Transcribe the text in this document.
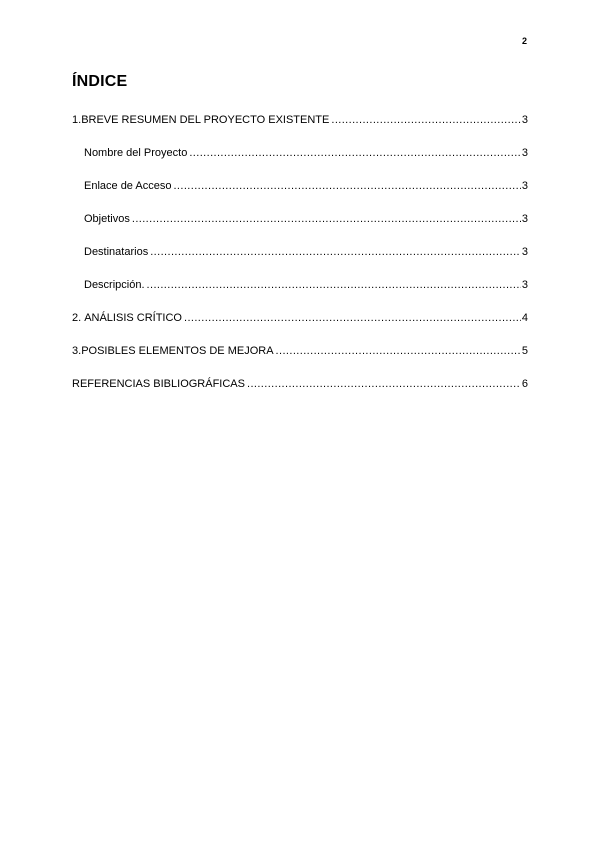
2
ÍNDICE
1. BREVE RESUMEN DEL PROYECTO EXISTENTE .....	3
Nombre del Proyecto .....	3
Enlace de Acceso .....	3
Objetivos .....	3
Destinatarios .....	3
Descripción. .....	3
2. ANÁLISIS CRÍTICO .....	4
3. POSIBLES ELEMENTOS DE MEJORA .....	5
REFERENCIAS BIBLIOGRÁFICAS .....	6
